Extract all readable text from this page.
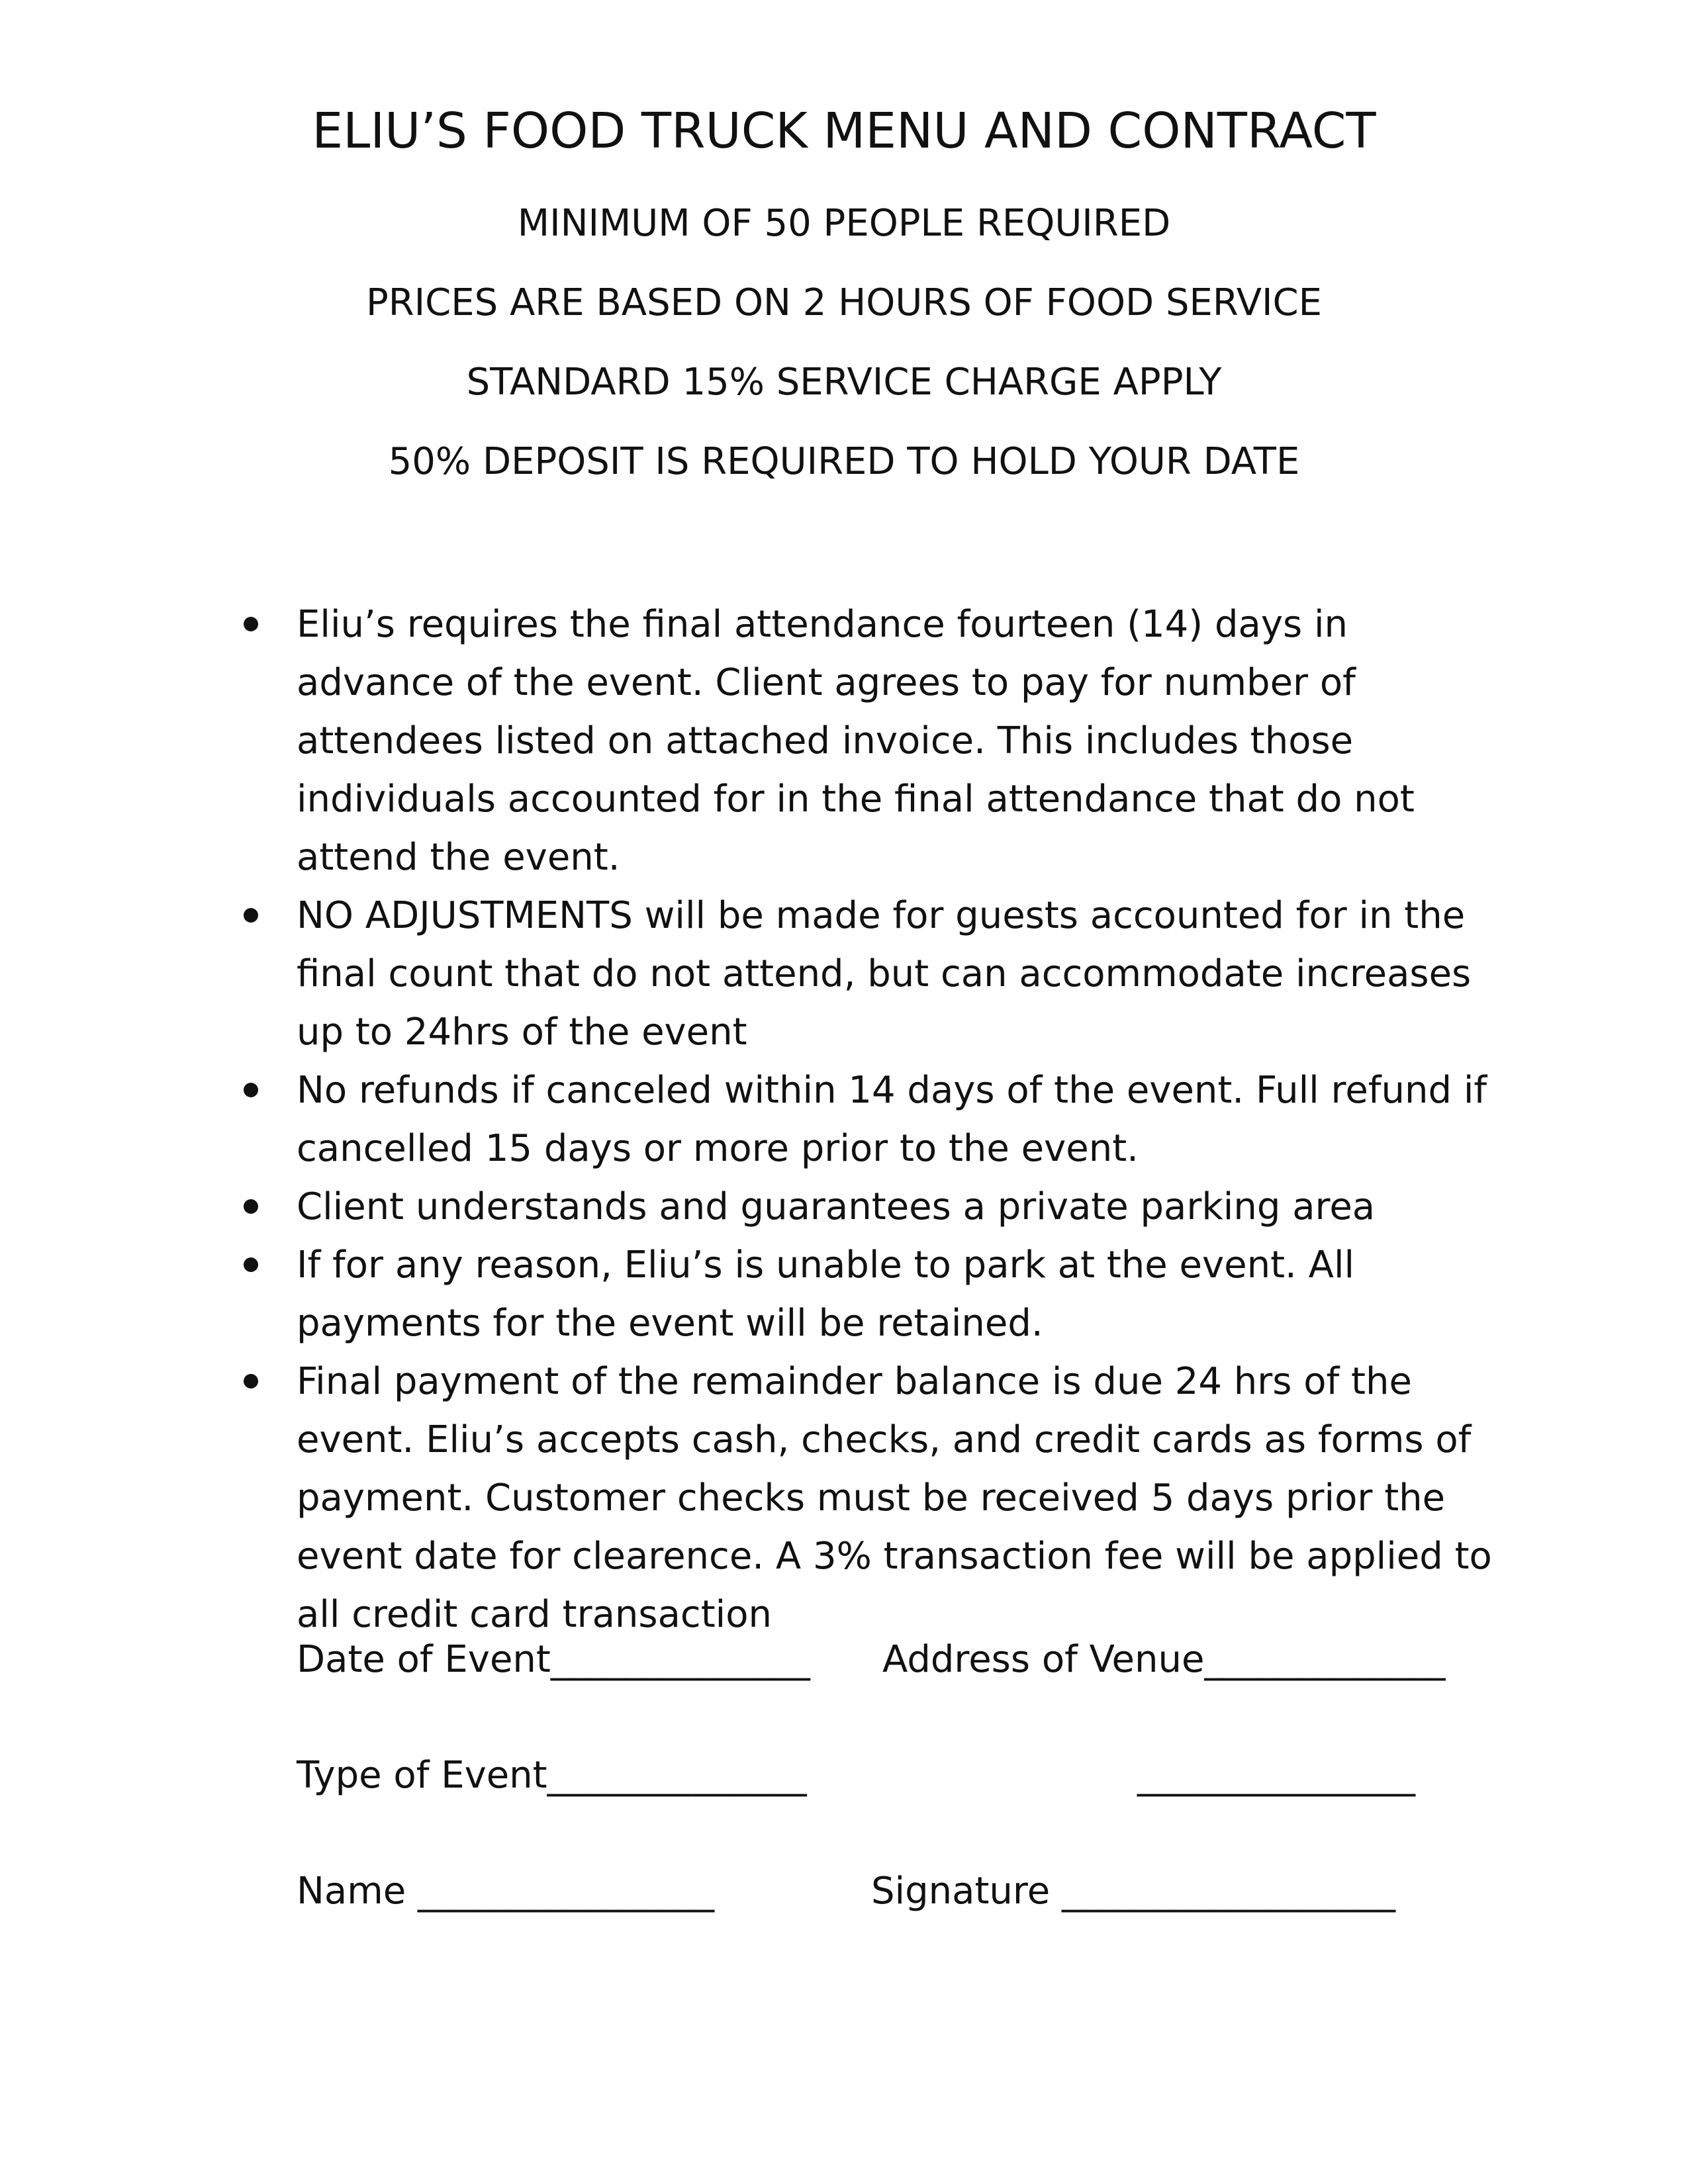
ELIU’S FOOD TRUCK MENU AND CONTRACT

MINIMUM OF 50 PEOPLE REQUIRED

PRICES ARE BASED ON 2 HOURS OF FOOD SERVICE

STANDARD 15% SERVICE CHARGE APPLY

50% DEPOSIT IS REQUIRED TO HOLD YOUR DATE

Eliu’s requires the final attendance fourteen (14) days in advance of the event. Client agrees to pay for number of attendees listed on attached invoice. This includes those individuals accounted for in the final attendance that do not attend the event.
NO ADJUSTMENTS will be made for guests accounted for in the final count that do not attend, but can accommodate increases up to 24hrs of the event
No refunds if canceled within 14 days of the event. Full refund if cancelled 15 days or more prior to the event.
Client understands and guarantees a private parking area
If for any reason, Eliu’s is unable to park at the event. All payments for the event will be retained.
Final payment of the remainder balance is due 24 hrs of the event. Eliu’s accepts cash, checks, and credit cards as forms of payment. Customer checks must be received 5 days prior the event date for clearence. A 3% transaction fee will be applied to all credit card transaction
Date of Event______________ Address of Venue_____________
Type of Event______________	_______________
Name ________________	Signature __________________
